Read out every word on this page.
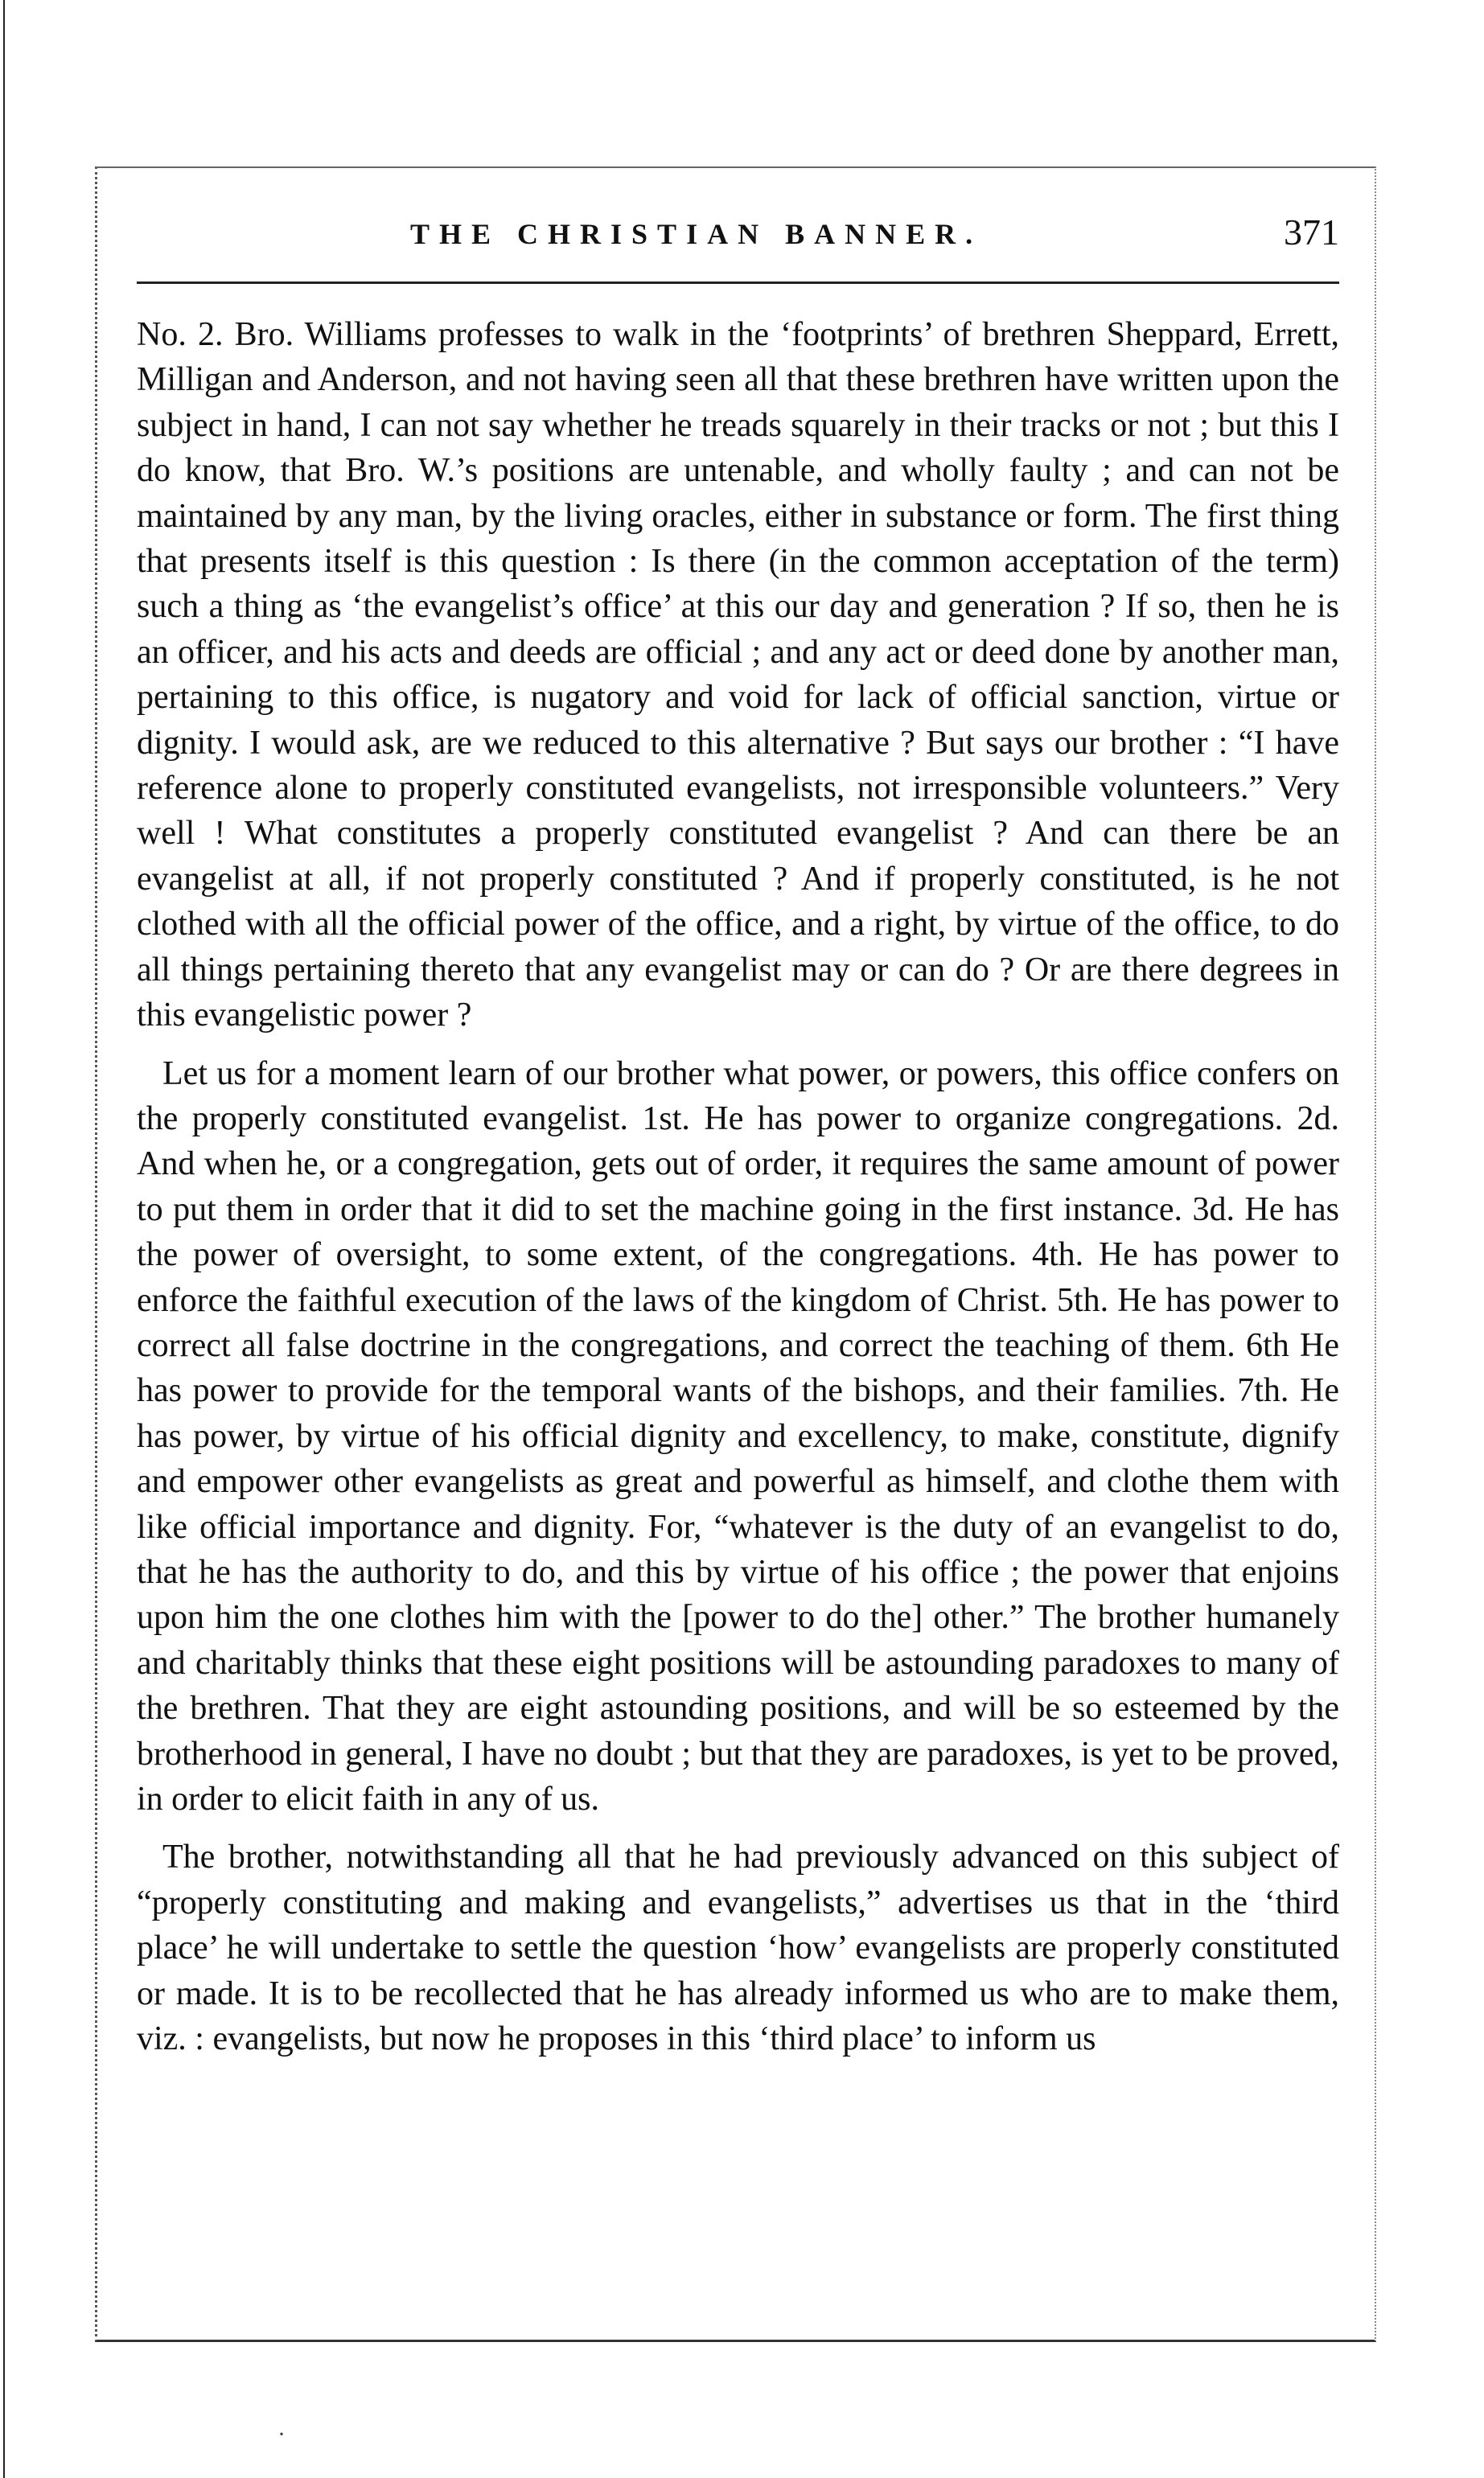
THE CHRISTIAN BANNER.	371

No. 2. Bro. Williams professes to walk in the ‘footprints’ of brethren Sheppard, Errett, Milligan and Anderson, and not having seen all that these brethren have written upon the subject in hand, I can not say whether he treads squarely in their tracks or not ; but this I do know, that Bro. W.’s positions are untenable, and wholly faulty ; and can not be maintained by any man, by the living oracles, either in substance or form. The first thing that presents itself is this question : Is there (in the common acceptation of the term) such a thing as ‘the evangelist’s office’ at this our day and generation ? If so, then he is an officer, and his acts and deeds are official ; and any act or deed done by another man, pertaining to this office, is nugatory and void for lack of official sanction, virtue or dignity. I would ask, are we reduced to this alternative ? But says our brother : “I have reference alone to properly constituted evangelists, not irresponsible volunteers.” Very well ! What constitutes a properly constituted evangelist ? And can there be an evangelist at all, if not properly constituted ? And if properly constituted, is he not clothed with all the official power of the office, and a right, by virtue of the office, to do all things pertaining thereto that any evangelist may or can do ? Or are there degrees in this evangelistic power ?

Let us for a moment learn of our brother what power, or powers, this office confers on the properly constituted evangelist. 1st. He has power to organize congregations. 2d. And when he, or a congregation, gets out of order, it requires the same amount of power to put them in order that it did to set the machine going in the first instance. 3d. He has the power of oversight, to some extent, of the congregations. 4th. He has power to enforce the faithful execution of the laws of the kingdom of Christ. 5th. He has power to correct all false doctrine in the congregations, and correct the teaching of them. 6th He has power to provide for the temporal wants of the bishops, and their families. 7th. He has power, by virtue of his official dignity and excellency, to make, constitute, dignify and empower other evangelists as great and powerful as himself, and clothe them with like official importance and dignity. For, “whatever is the duty of an evangelist to do, that he has the authority to do, and this by virtue of his office ; the power that enjoins upon him the one clothes him with the [power to do the] other.” The brother humanely and charitably thinks that these eight positions will be astounding paradoxes to many of the brethren. That they are eight astounding positions, and will be so esteemed by the brotherhood in general, I have no doubt ; but that they are paradoxes, is yet to be proved, in order to elicit faith in any of us.

The brother, notwithstanding all that he had previously advanced on this subject of “properly constituting and making and evangelists,” advertises us that in the ‘third place’ he will undertake to settle the question ‘how’ evangelists are properly constituted or made. It is to be recollected that he has already informed us who are to make them, viz. : evangelists, but now he proposes in this ‘third place’ to inform us

·
